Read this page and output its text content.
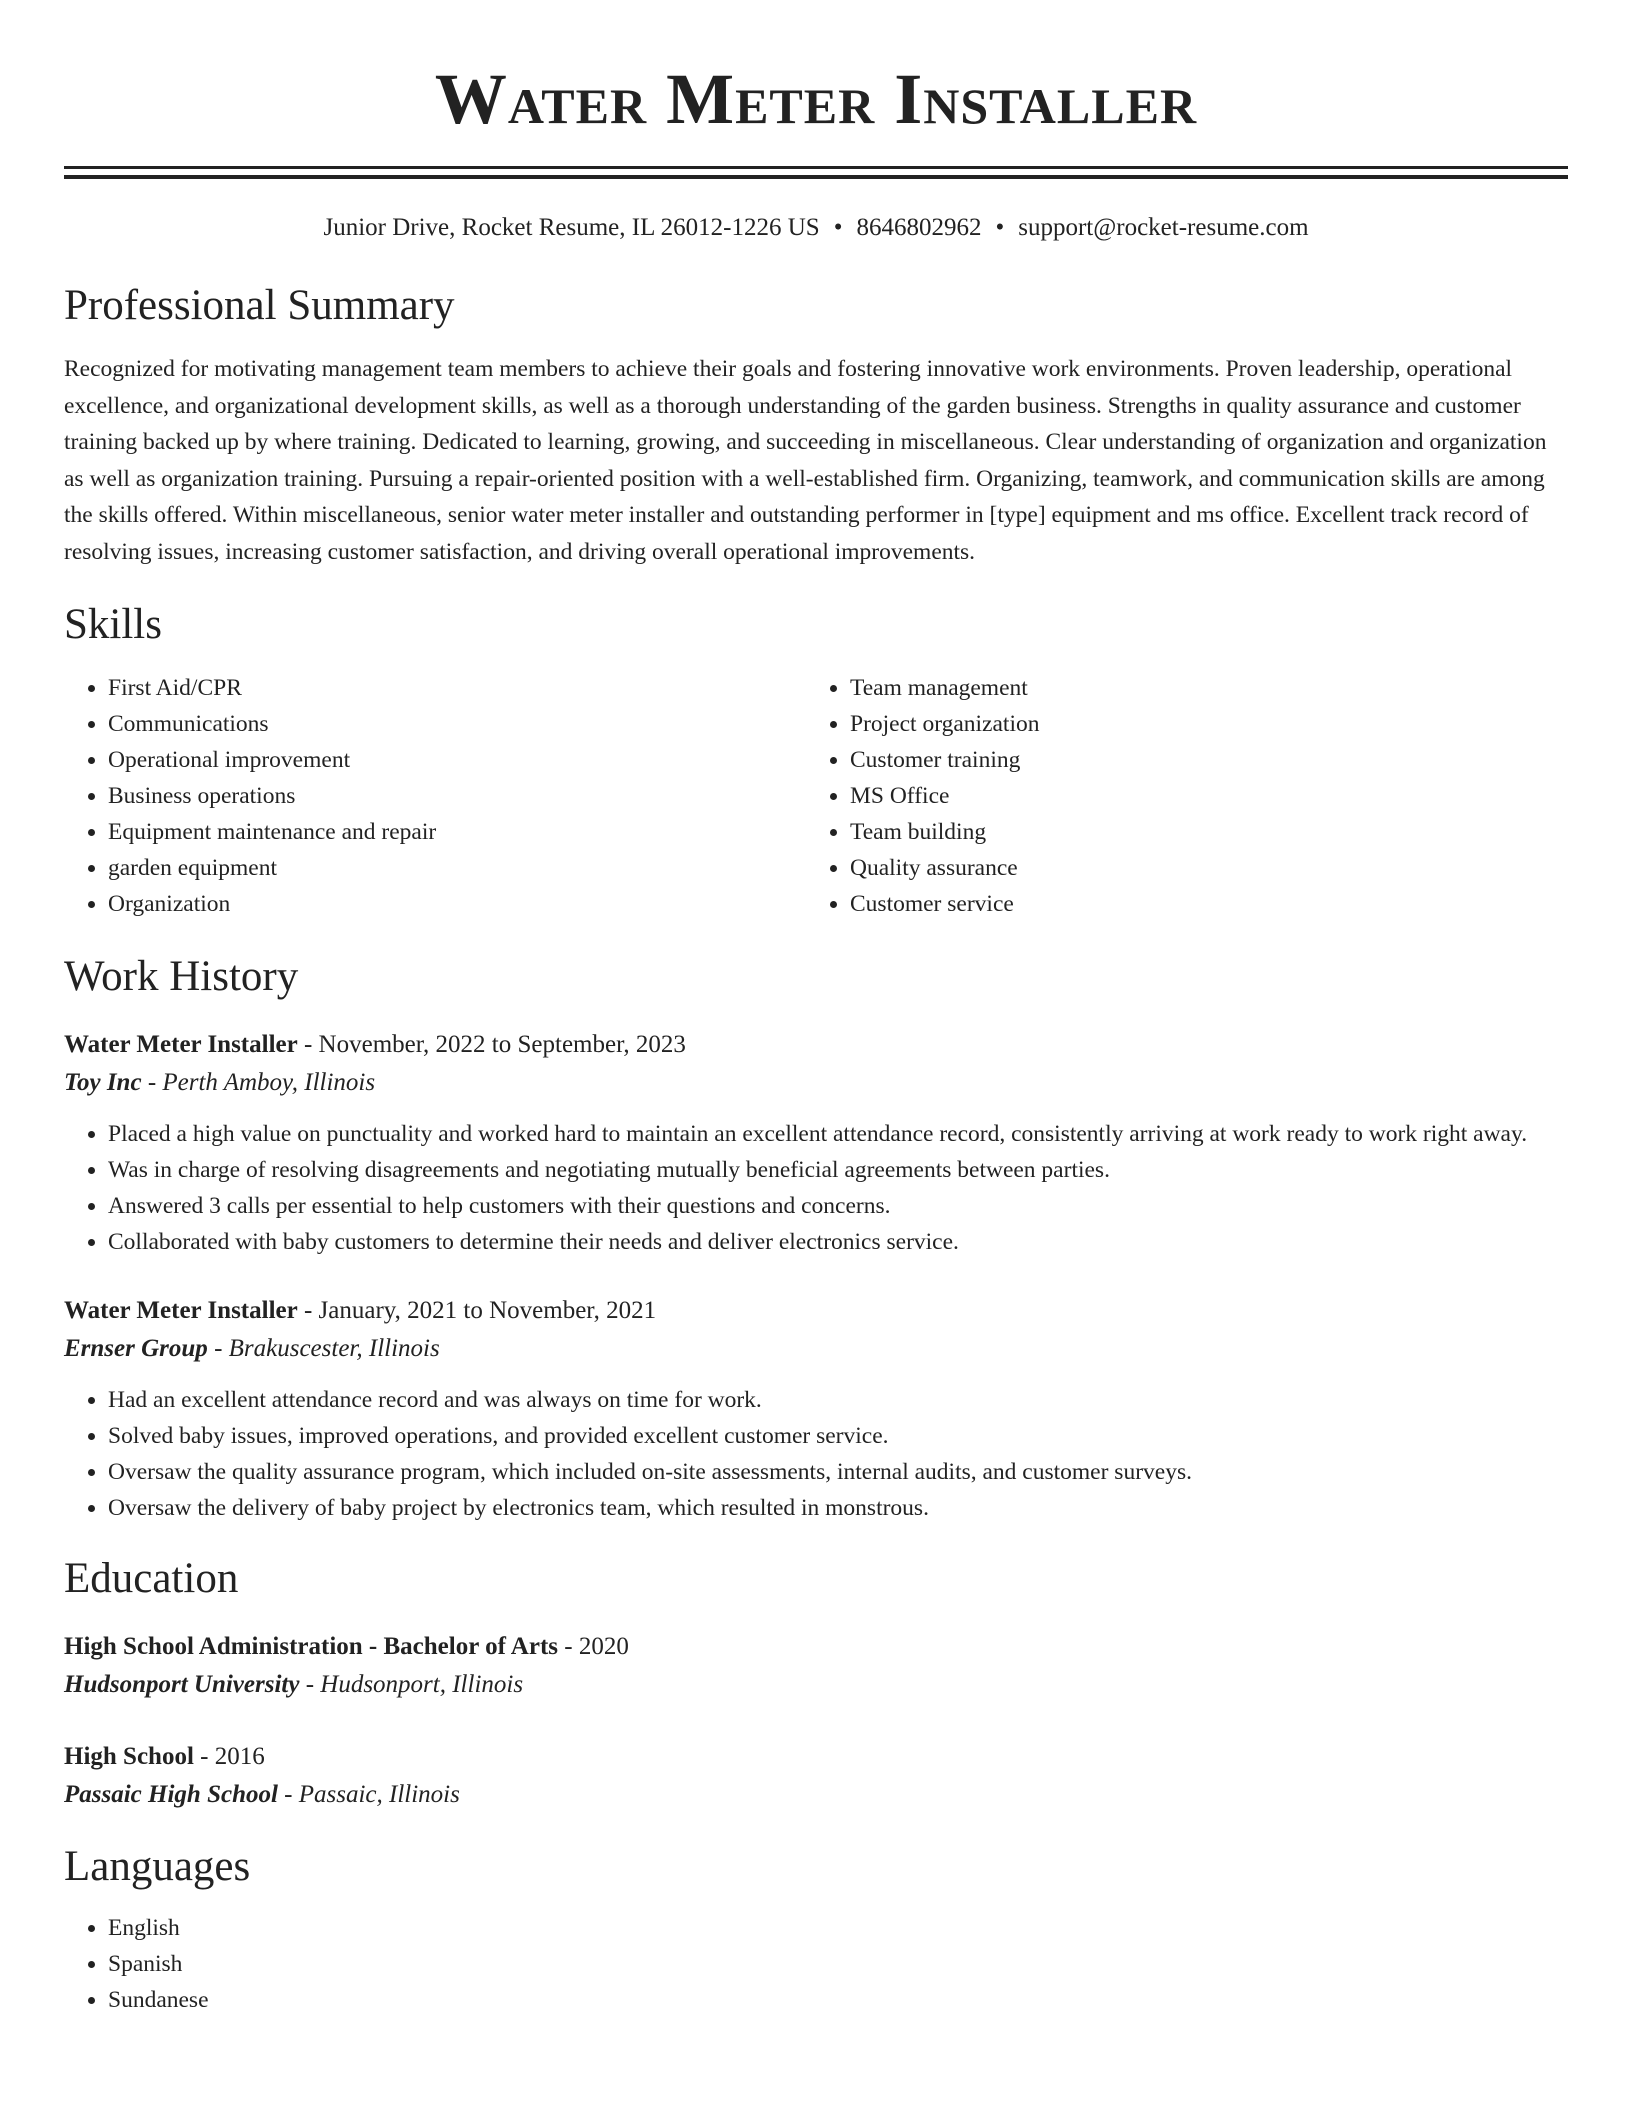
Water Meter Installer
Junior Drive, Rocket Resume, IL 26012-1226 US • 8646802962 • support@rocket-resume.com
Professional Summary

Recognized for motivating management team members to achieve their goals and fostering innovative work environments. Proven leadership, operational excellence, and organizational development skills, as well as a thorough understanding of the garden business. Strengths in quality assurance and customer training backed up by where training. Dedicated to learning, growing, and succeeding in miscellaneous. Clear understanding of organization and organization as well as organization training. Pursuing a repair-oriented position with a well-established firm. Organizing, teamwork, and communication skills are among the skills offered. Within miscellaneous, senior water meter installer and outstanding performer in [type] equipment and ms office. Excellent track record of resolving issues, increasing customer satisfaction, and driving overall operational improvements.

Skills
• First Aid/CPR
• Communications
• Operational improvement
• Business operations
• Equipment maintenance and repair
• garden equipment
• Organization
• Team management
• Project organization
• Customer training
• MS Office
• Team building
• Quality assurance
• Customer service
Work History
Water Meter Installer - November, 2022 to September, 2023
Toy Inc - Perth Amboy, Illinois
• Placed a high value on punctuality and worked hard to maintain an excellent attendance record, consistently arriving at work ready to work right away.
• Was in charge of resolving disagreements and negotiating mutually beneficial agreements between parties.
• Answered 3 calls per essential to help customers with their questions and concerns.
• Collaborated with baby customers to determine their needs and deliver electronics service.
Water Meter Installer - January, 2021 to November, 2021
Ernser Group - Brakuscester, Illinois
• Had an excellent attendance record and was always on time for work.
• Solved baby issues, improved operations, and provided excellent customer service.
• Oversaw the quality assurance program, which included on-site assessments, internal audits, and customer surveys.
• Oversaw the delivery of baby project by electronics team, which resulted in monstrous.
Education
High School Administration - Bachelor of Arts - 2020
Hudsonport University - Hudsonport, Illinois
High School - 2016
Passaic High School - Passaic, Illinois
Languages
• English
• Spanish
• Sundanese
